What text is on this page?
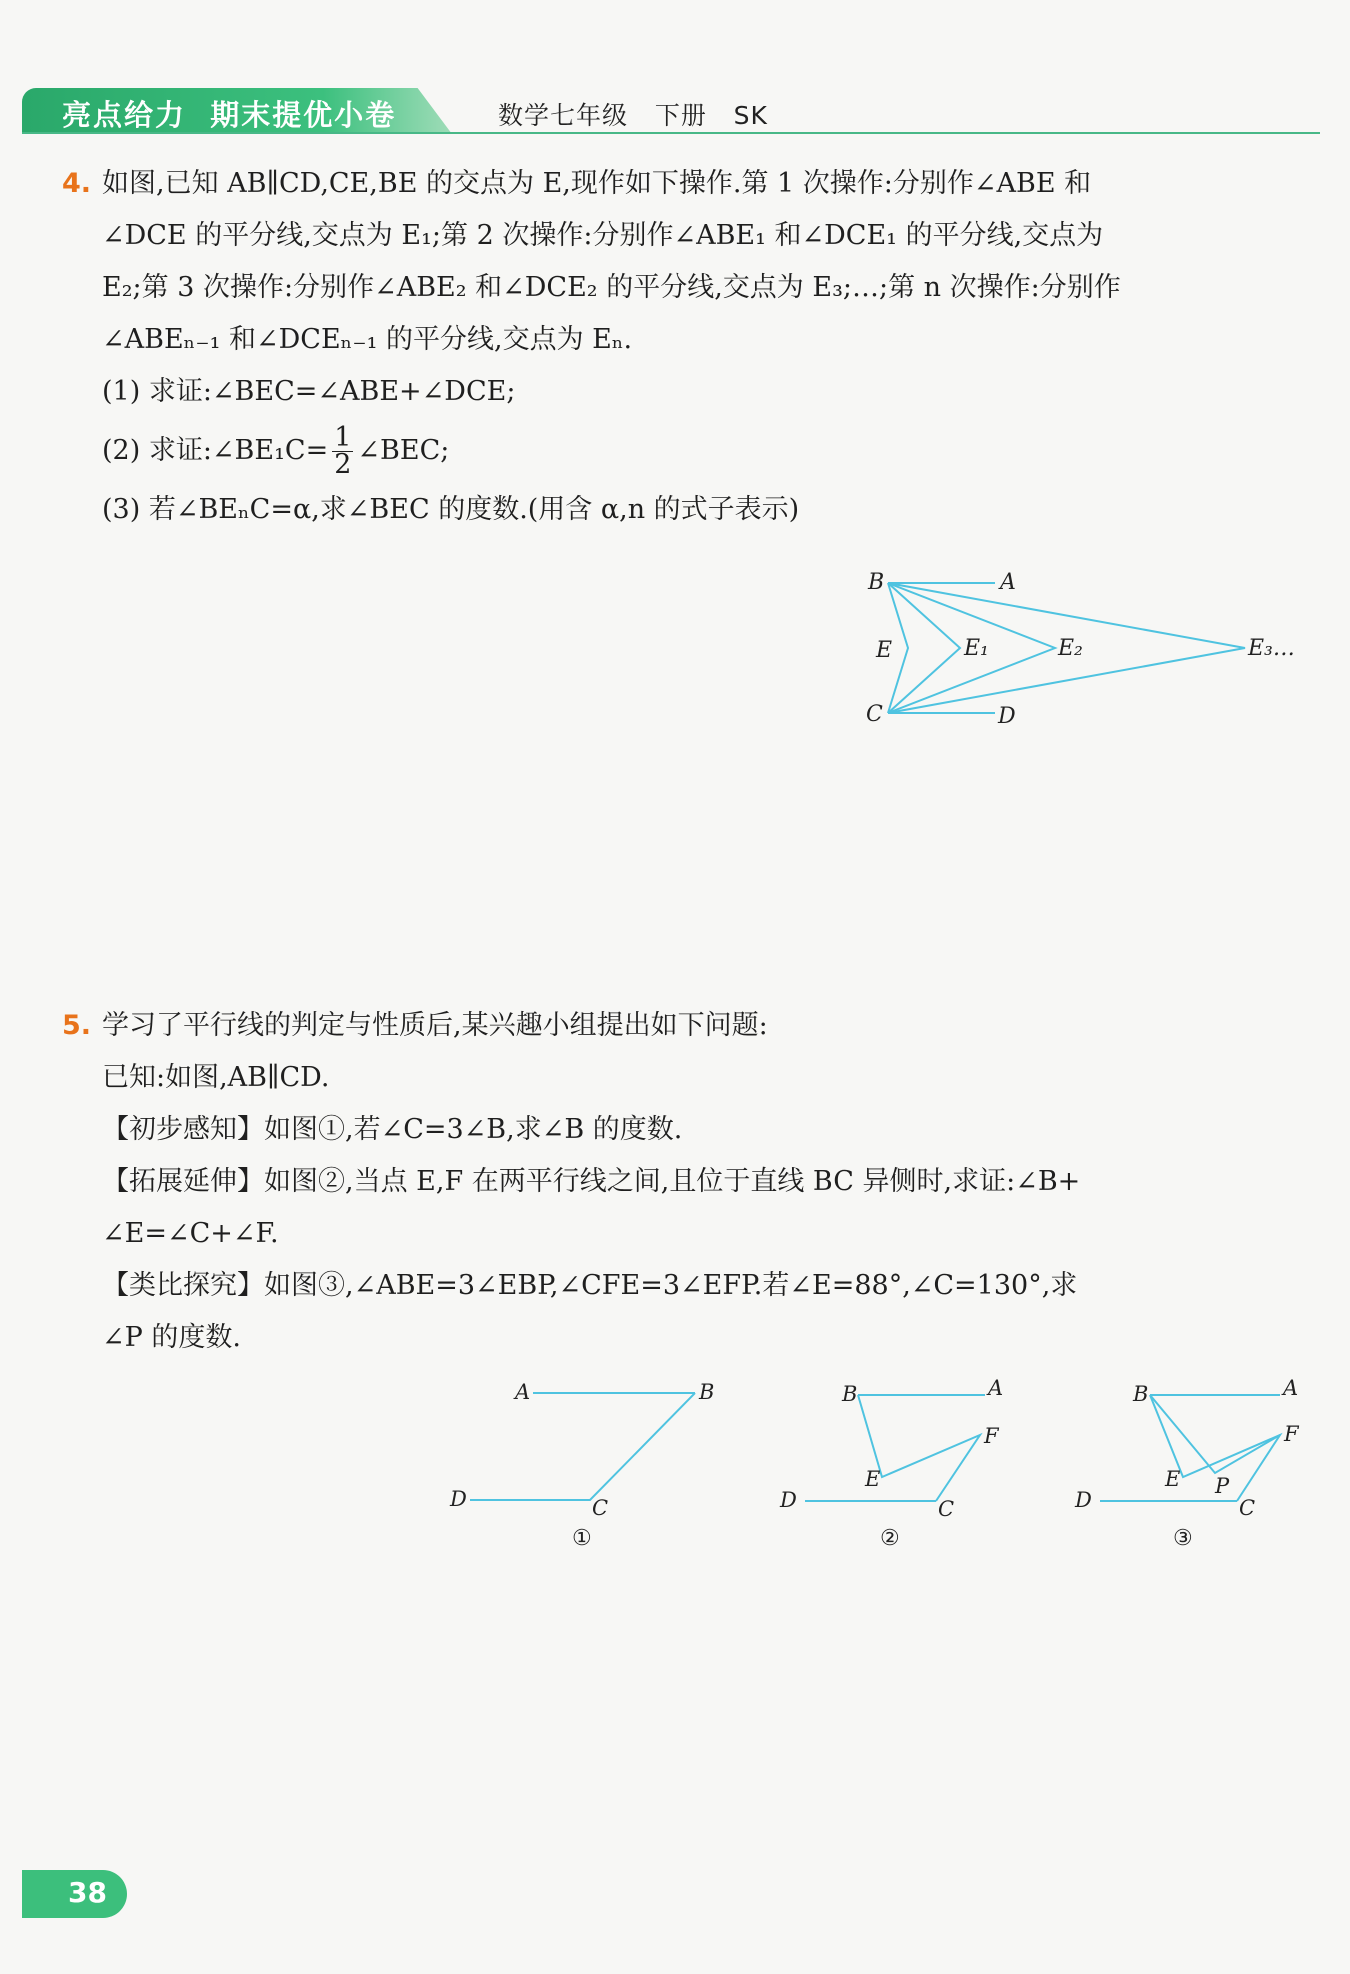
亮点给力  期末提优小卷	数学七年级   下册   SK
4. 如图,已知 AB∥CD,CE,BE 的交点为 E,现作如下操作.第 1 次操作:分别作∠ABE 和
∠DCE 的平分线,交点为 E₁;第 2 次操作:分别作∠ABE₁ 和∠DCE₁ 的平分线,交点为
E₂;第 3 次操作:分别作∠ABE₂ 和∠DCE₂ 的平分线,交点为 E₃;…;第 n 次操作:分别作
∠ABEₙ₋₁ 和∠DCEₙ₋₁ 的平分线,交点为 Eₙ.
(1) 求证:∠BEC=∠ABE+∠DCE;
(2) 求证:∠BE₁C= $\frac{1}{2}$ ∠BEC;
(3) 若∠BEₙC=α,求∠BEC 的度数.(用含 α,n 的式子表示)
B	A
E	E₁	E₂	E₃…
C	D
5. 学习了平行线的判定与性质后,某兴趣小组提出如下问题:
已知:如图,AB∥CD.
【初步感知】如图①,若∠C=3∠B,求∠B 的度数.
【拓展延伸】如图②,当点 E,F 在两平行线之间,且位于直线 BC 异侧时,求证:∠B+
∠E=∠C+∠F.
【类比探究】如图③,∠ABE=3∠EBP,∠CFE=3∠EFP.若∠E=88°,∠C=130°,求
∠P 的度数.
A	B
D	C
①
B	A
F
E
D	C
②
B	A
F
E P
D	C
③
38
